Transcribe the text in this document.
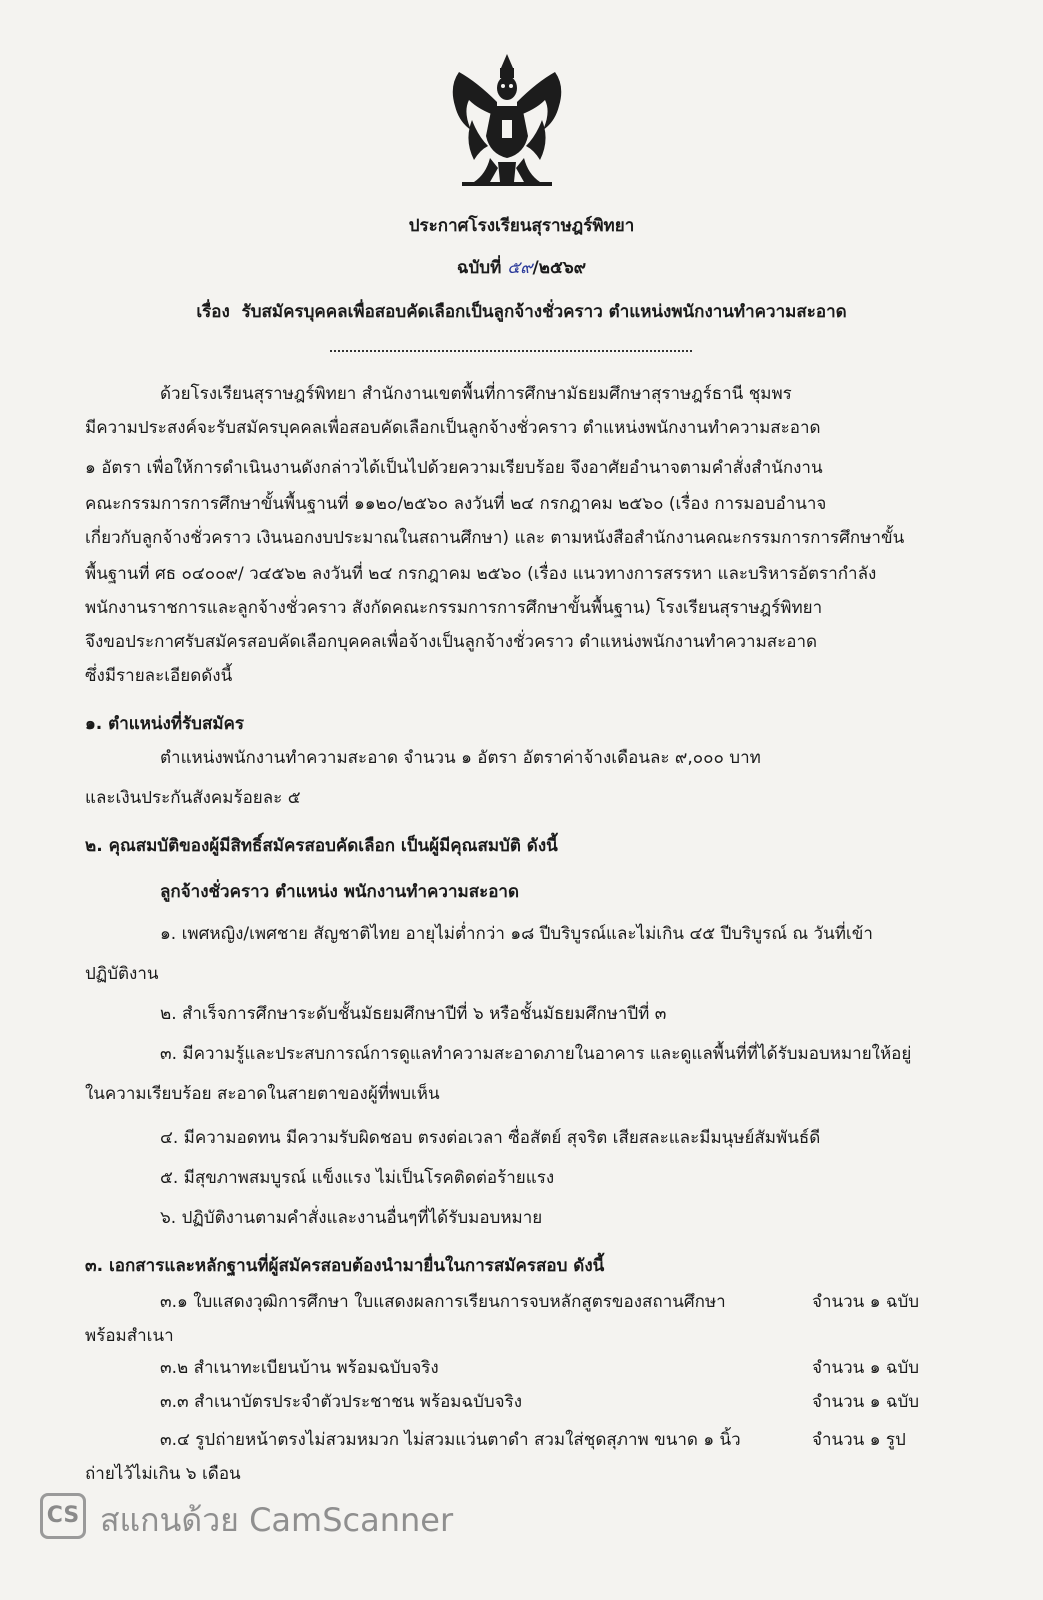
ประกาศโรงเรียนสุราษฎร์พิทยา
ฉบับที่ ๕๙/๒๕๖๙
เรื่อง รับสมัครบุคคลเพื่อสอบคัดเลือกเป็นลูกจ้างชั่วคราว ตำแหน่งพนักงานทำความสะอาด
ด้วยโรงเรียนสุราษฎร์พิทยา สำนักงานเขตพื้นที่การศึกษามัธยมศึกษาสุราษฎร์ธานี ชุมพร
มีความประสงค์จะรับสมัครบุคคลเพื่อสอบคัดเลือกเป็นลูกจ้างชั่วคราว ตำแหน่งพนักงานทำความสะอาด
๑ อัตรา เพื่อให้การดำเนินงานดังกล่าวได้เป็นไปด้วยความเรียบร้อย จึงอาศัยอำนาจตามคำสั่งสำนักงาน
คณะกรรมการการศึกษาขั้นพื้นฐานที่ ๑๑๒๐/๒๕๖๐ ลงวันที่ ๒๔ กรกฎาคม ๒๕๖๐ (เรื่อง การมอบอำนาจ
เกี่ยวกับลูกจ้างชั่วคราว เงินนอกงบประมาณในสถานศึกษา) และ ตามหนังสือสำนักงานคณะกรรมการการศึกษาขั้น
พื้นฐานที่ ศธ ๐๔๐๐๙/ ว๔๕๖๒ ลงวันที่ ๒๔ กรกฎาคม ๒๕๖๐ (เรื่อง แนวทางการสรรหา และบริหารอัตรากำลัง
พนักงานราชการและลูกจ้างชั่วคราว สังกัดคณะกรรมการการศึกษาขั้นพื้นฐาน) โรงเรียนสุราษฎร์พิทยา
จึงขอประกาศรับสมัครสอบคัดเลือกบุคคลเพื่อจ้างเป็นลูกจ้างชั่วคราว ตำแหน่งพนักงานทำความสะอาด
ซึ่งมีรายละเอียดดังนี้
๑. ตำแหน่งที่รับสมัคร
ตำแหน่งพนักงานทำความสะอาด จำนวน ๑ อัตรา อัตราค่าจ้างเดือนละ ๙,๐๐๐ บาท
และเงินประกันสังคมร้อยละ ๕
๒. คุณสมบัติของผู้มีสิทธิ์สมัครสอบคัดเลือก เป็นผู้มีคุณสมบัติ ดังนี้
ลูกจ้างชั่วคราว ตำแหน่ง พนักงานทำความสะอาด
๑. เพศหญิง/เพศชาย สัญชาติไทย อายุไม่ต่ำกว่า ๑๘ ปีบริบูรณ์และไม่เกิน ๔๕ ปีบริบูรณ์ ณ วันที่เข้า
ปฏิบัติงาน
๒. สำเร็จการศึกษาระดับชั้นมัธยมศึกษาปีที่ ๖ หรือชั้นมัธยมศึกษาปีที่ ๓
๓. มีความรู้และประสบการณ์การดูแลทำความสะอาดภายในอาคาร และดูแลพื้นที่ที่ได้รับมอบหมายให้อยู่
ในความเรียบร้อย สะอาดในสายตาของผู้ที่พบเห็น
๔. มีความอดทน มีความรับผิดชอบ ตรงต่อเวลา ซื่อสัตย์ สุจริต เสียสละและมีมนุษย์สัมพันธ์ดี
๕. มีสุขภาพสมบูรณ์ แข็งแรง ไม่เป็นโรคติดต่อร้ายแรง
๖. ปฏิบัติงานตามคำสั่งและงานอื่นๆที่ได้รับมอบหมาย
๓. เอกสารและหลักฐานที่ผู้สมัครสอบต้องนำมายื่นในการสมัครสอบ ดังนี้
๓.๑ ใบแสดงวุฒิการศึกษา ใบแสดงผลการเรียนการจบหลักสูตรของสถานศึกษา	จำนวน ๑ ฉบับ
พร้อมสำเนา
๓.๒ สำเนาทะเบียนบ้าน พร้อมฉบับจริง	จำนวน ๑ ฉบับ
๓.๓ สำเนาบัตรประจำตัวประชาชน พร้อมฉบับจริง	จำนวน ๑ ฉบับ
๓.๔ รูปถ่ายหน้าตรงไม่สวมหมวก ไม่สวมแว่นตาดำ สวมใส่ชุดสุภาพ ขนาด ๑ นิ้ว	จำนวน ๑ รูป
ถ่ายไว้ไม่เกิน ๖ เดือน
CS สแกนด้วย CamScanner
